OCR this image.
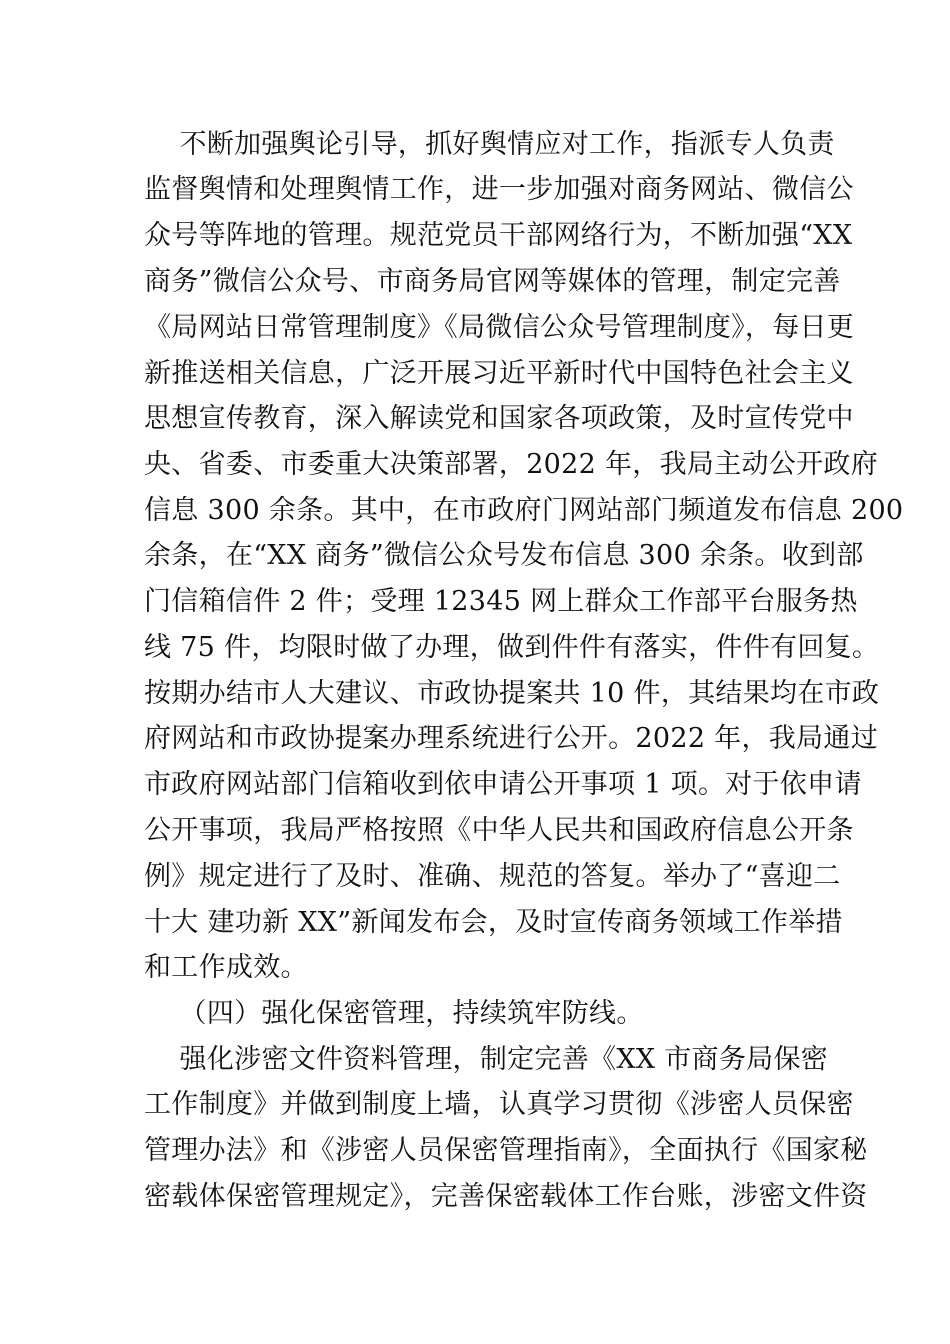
不断加强舆论引导，抓好舆情应对工作，指派专人负责
监督舆情和处理舆情工作，进一步加强对商务网站、微信公
众号等阵地的管理。规范党员干部网络行为，不断加强“XX
商务”微信公众号、市商务局官网等媒体的管理，制定完善
《局网站日常管理制度》《局微信公众号管理制度》，每日更
新推送相关信息，广泛开展习近平新时代中国特色社会主义
思想宣传教育，深入解读党和国家各项政策，及时宣传党中
央、省委、市委重大决策部署，2022 年，我局主动公开政府
信息 300 余条。其中，在市政府门网站部门频道发布信息 200
余条，在“XX 商务”微信公众号发布信息 300 余条。收到部
门信箱信件 2 件；受理 12345 网上群众工作部平台服务热
线 75 件，均限时做了办理，做到件件有落实，件件有回复。
按期办结市人大建议、市政协提案共 10 件，其结果均在市政
府网站和市政协提案办理系统进行公开。2022 年，我局通过
市政府网站部门信箱收到依申请公开事项 1 项。对于依申请
公开事项，我局严格按照《中华人民共和国政府信息公开条
例》规定进行了及时、准确、规范的答复。举办了“喜迎二
十大 建功新 XX”新闻发布会，及时宣传商务领域工作举措
和工作成效。
（四）强化保密管理，持续筑牢防线。
强化涉密文件资料管理，制定完善《XX 市商务局保密
工作制度》并做到制度上墙，认真学习贯彻《涉密人员保密
管理办法》和《涉密人员保密管理指南》，全面执行《国家秘
密载体保密管理规定》，完善保密载体工作台账，涉密文件资
